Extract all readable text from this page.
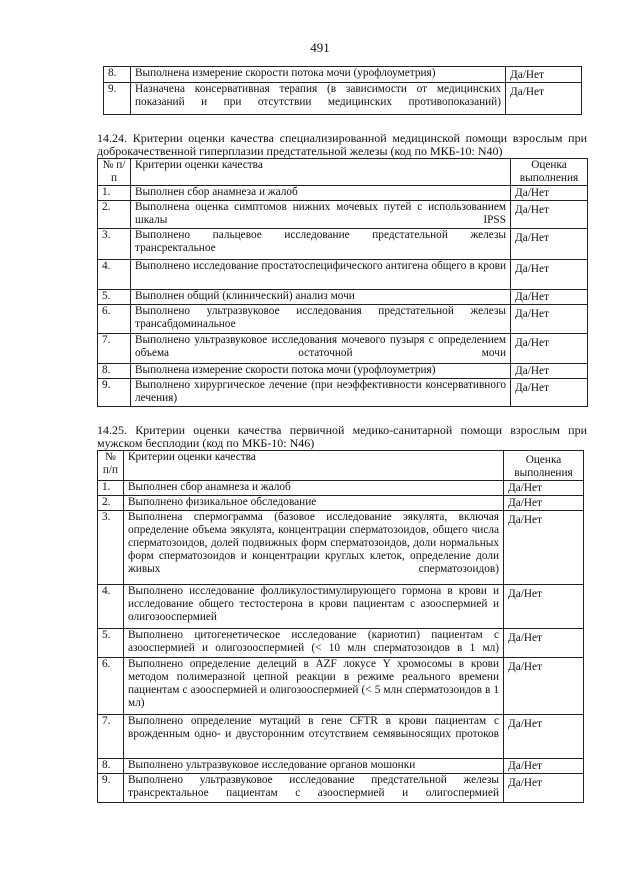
491
8.	Выполнена измерение скорости потока мочи (урофлоуметрия)	Да/Нет
9.	Назначена консервативная терапия (в зависимости от медицинских показаний и при отсутствии медицинских противопоказаний)	Да/Нет
14.24. Критерии оценки качества специализированной медицинской помощи взрослым при доброкачественной гиперплазии предстательной железы (код по МКБ-10: N40)
№ п/п	Критерии оценки качества	Оценка выполнения
1.	Выполнен сбор анамнеза и жалоб	Да/Нет
2.	Выполнена оценка симптомов нижних мочевых путей с использованием шкалы IPSS	Да/Нет
3.	Выполнено пальцевое исследование предстательной железы трансректальное	Да/Нет
4.	Выполнено исследование простатоспецифического антигена общего в крови	Да/Нет
5.	Выполнен общий (клинический) анализ мочи	Да/Нет
6.	Выполнено ультразвуковое исследования предстательной железы трансабдоминальное	Да/Нет
7.	Выполнено ультразвуковое исследования мочевого пузыря с определением объема остаточной мочи	Да/Нет
8.	Выполнена измерение скорости потока мочи (урофлоуметрия)	Да/Нет
9.	Выполнено хирургическое лечение (при неэффективности консервативного лечения)	Да/Нет
14.25. Критерии оценки качества первичной медико-санитарной помощи взрослым при мужском бесплодии (код по МКБ-10: N46)
№ п/п	Критерии оценки качества	Оценка выполнения
1.	Выполнен сбор анамнеза и жалоб	Да/Нет
2.	Выполнено физикальное обследование	Да/Нет
3.	Выполнена спермограмма (базовое исследование эякулята, включая определение объема эякулята, концентрации сперматозоидов, общего числа сперматозоидов, долей подвижных форм сперматозоидов, доли нормальных форм сперматозоидов и концентрации круглых клеток, определение доли живых сперматозоидов)	Да/Нет
4.	Выполнено исследование фолликулостимулирующего гормона в крови и исследование общего тестостерона в крови пациентам с азооспермией и олигозооспермией	Да/Нет
5.	Выполнено цитогенетическое исследование (кариотип) пациентам с азооспермией и олигозооспермией (< 10 млн сперматозоидов в 1 мл)	Да/Нет
6.	Выполнено определение делеций в AZF локусе Y хромосомы в крови методом полимеразной цепной реакции в режиме реального времени пациентам с азооспермией и олигозооспермией (< 5 млн сперматозоидов в 1 мл)	Да/Нет
7.	Выполнено определение мутаций в гене CFTR в крови пациентам с врожденным одно- и двусторонним отсутствием семявыносящих протоков	Да/Нет
8.	Выполнено ультразвуковое исследование органов мошонки	Да/Нет
9.	Выполнено ультразвуковое исследование предстательной железы трансректальное пациентам с азооспермией и олигоспермией	Да/Нет
